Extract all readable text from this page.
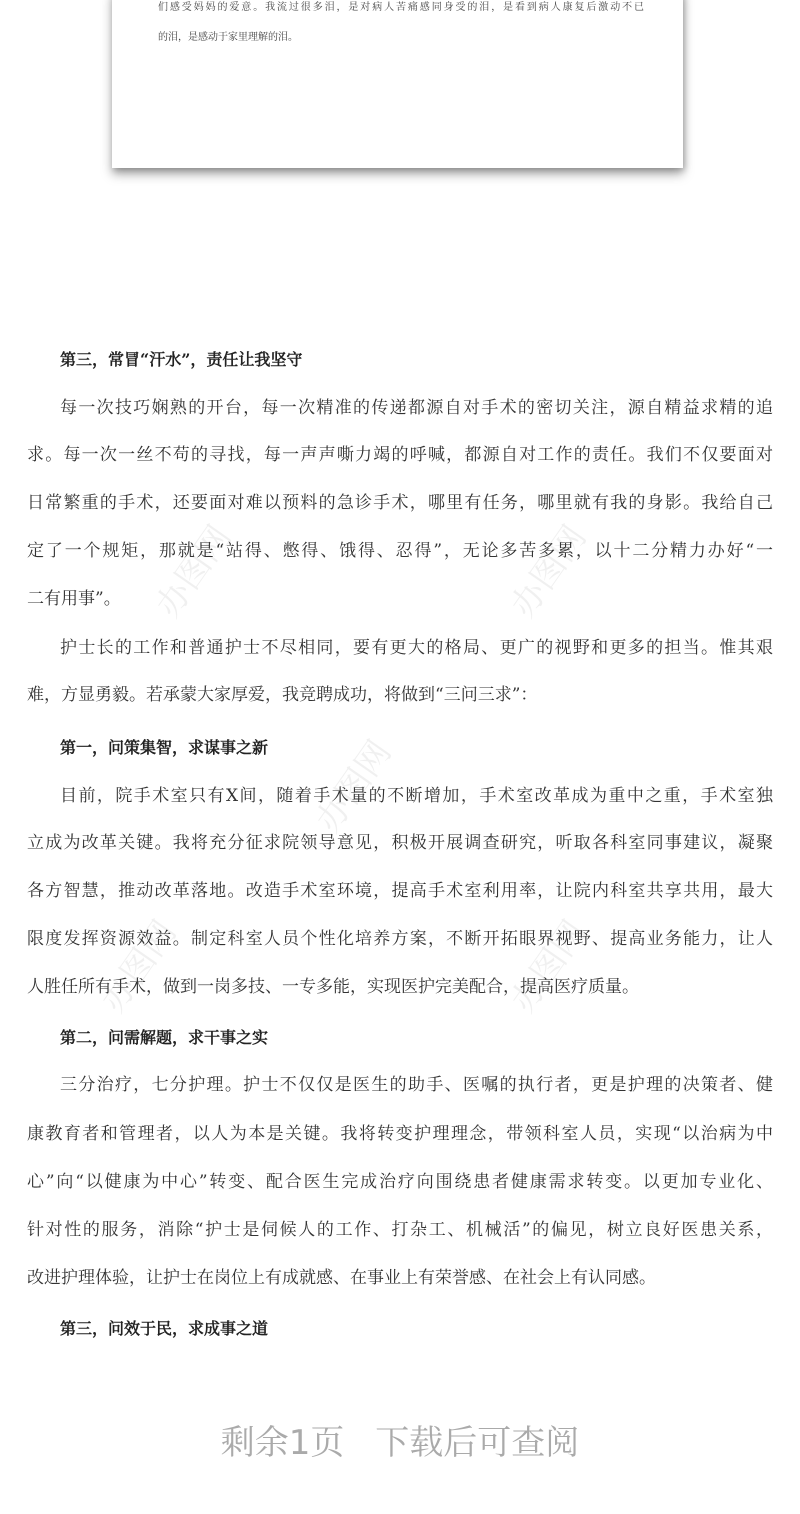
们感受妈妈的爱意。我流过很多泪，是对病人苦痛感同身受的泪，是看到病人康复后激动不已
的泪，是感动于家里理解的泪。
办图网	办图网
办图网
办图网	办图网
第三，常冒“汗水”，责任让我坚守
每一次技巧娴熟的开台，每一次精准的传递都源自对手术的密切关注，源自精益求精的追
求。每一次一丝不苟的寻找，每一声声嘶力竭的呼喊，都源自对工作的责任。我们不仅要面对
日常繁重的手术，还要面对难以预料的急诊手术，哪里有任务，哪里就有我的身影。我给自己
定了一个规矩，那就是“站得、憋得、饿得、忍得”，无论多苦多累，以十二分精力办好“一
二有用事”。
护士长的工作和普通护士不尽相同，要有更大的格局、更广的视野和更多的担当。惟其艰
难，方显勇毅。若承蒙大家厚爱，我竞聘成功，将做到“三问三求”：
第一，问策集智，求谋事之新
目前，院手术室只有X间，随着手术量的不断增加，手术室改革成为重中之重，手术室独
立成为改革关键。我将充分征求院领导意见，积极开展调查研究，听取各科室同事建议，凝聚
各方智慧，推动改革落地。改造手术室环境，提高手术室利用率，让院内科室共享共用，最大
限度发挥资源效益。制定科室人员个性化培养方案，不断开拓眼界视野、提高业务能力，让人
人胜任所有手术，做到一岗多技、一专多能，实现医护完美配合，提高医疗质量。
第二，问需解题，求干事之实
三分治疗，七分护理。护士不仅仅是医生的助手、医嘱的执行者，更是护理的决策者、健
康教育者和管理者，以人为本是关键。我将转变护理理念，带领科室人员，实现“以治病为中
心”向“以健康为中心”转变、配合医生完成治疗向围绕患者健康需求转变。以更加专业化、
针对性的服务，消除“护士是伺候人的工作、打杂工、机械活”的偏见，树立良好医患关系，
改进护理体验，让护士在岗位上有成就感、在事业上有荣誉感、在社会上有认同感。
第三，问效于民，求成事之道
剩余1页 下载后可查阅
